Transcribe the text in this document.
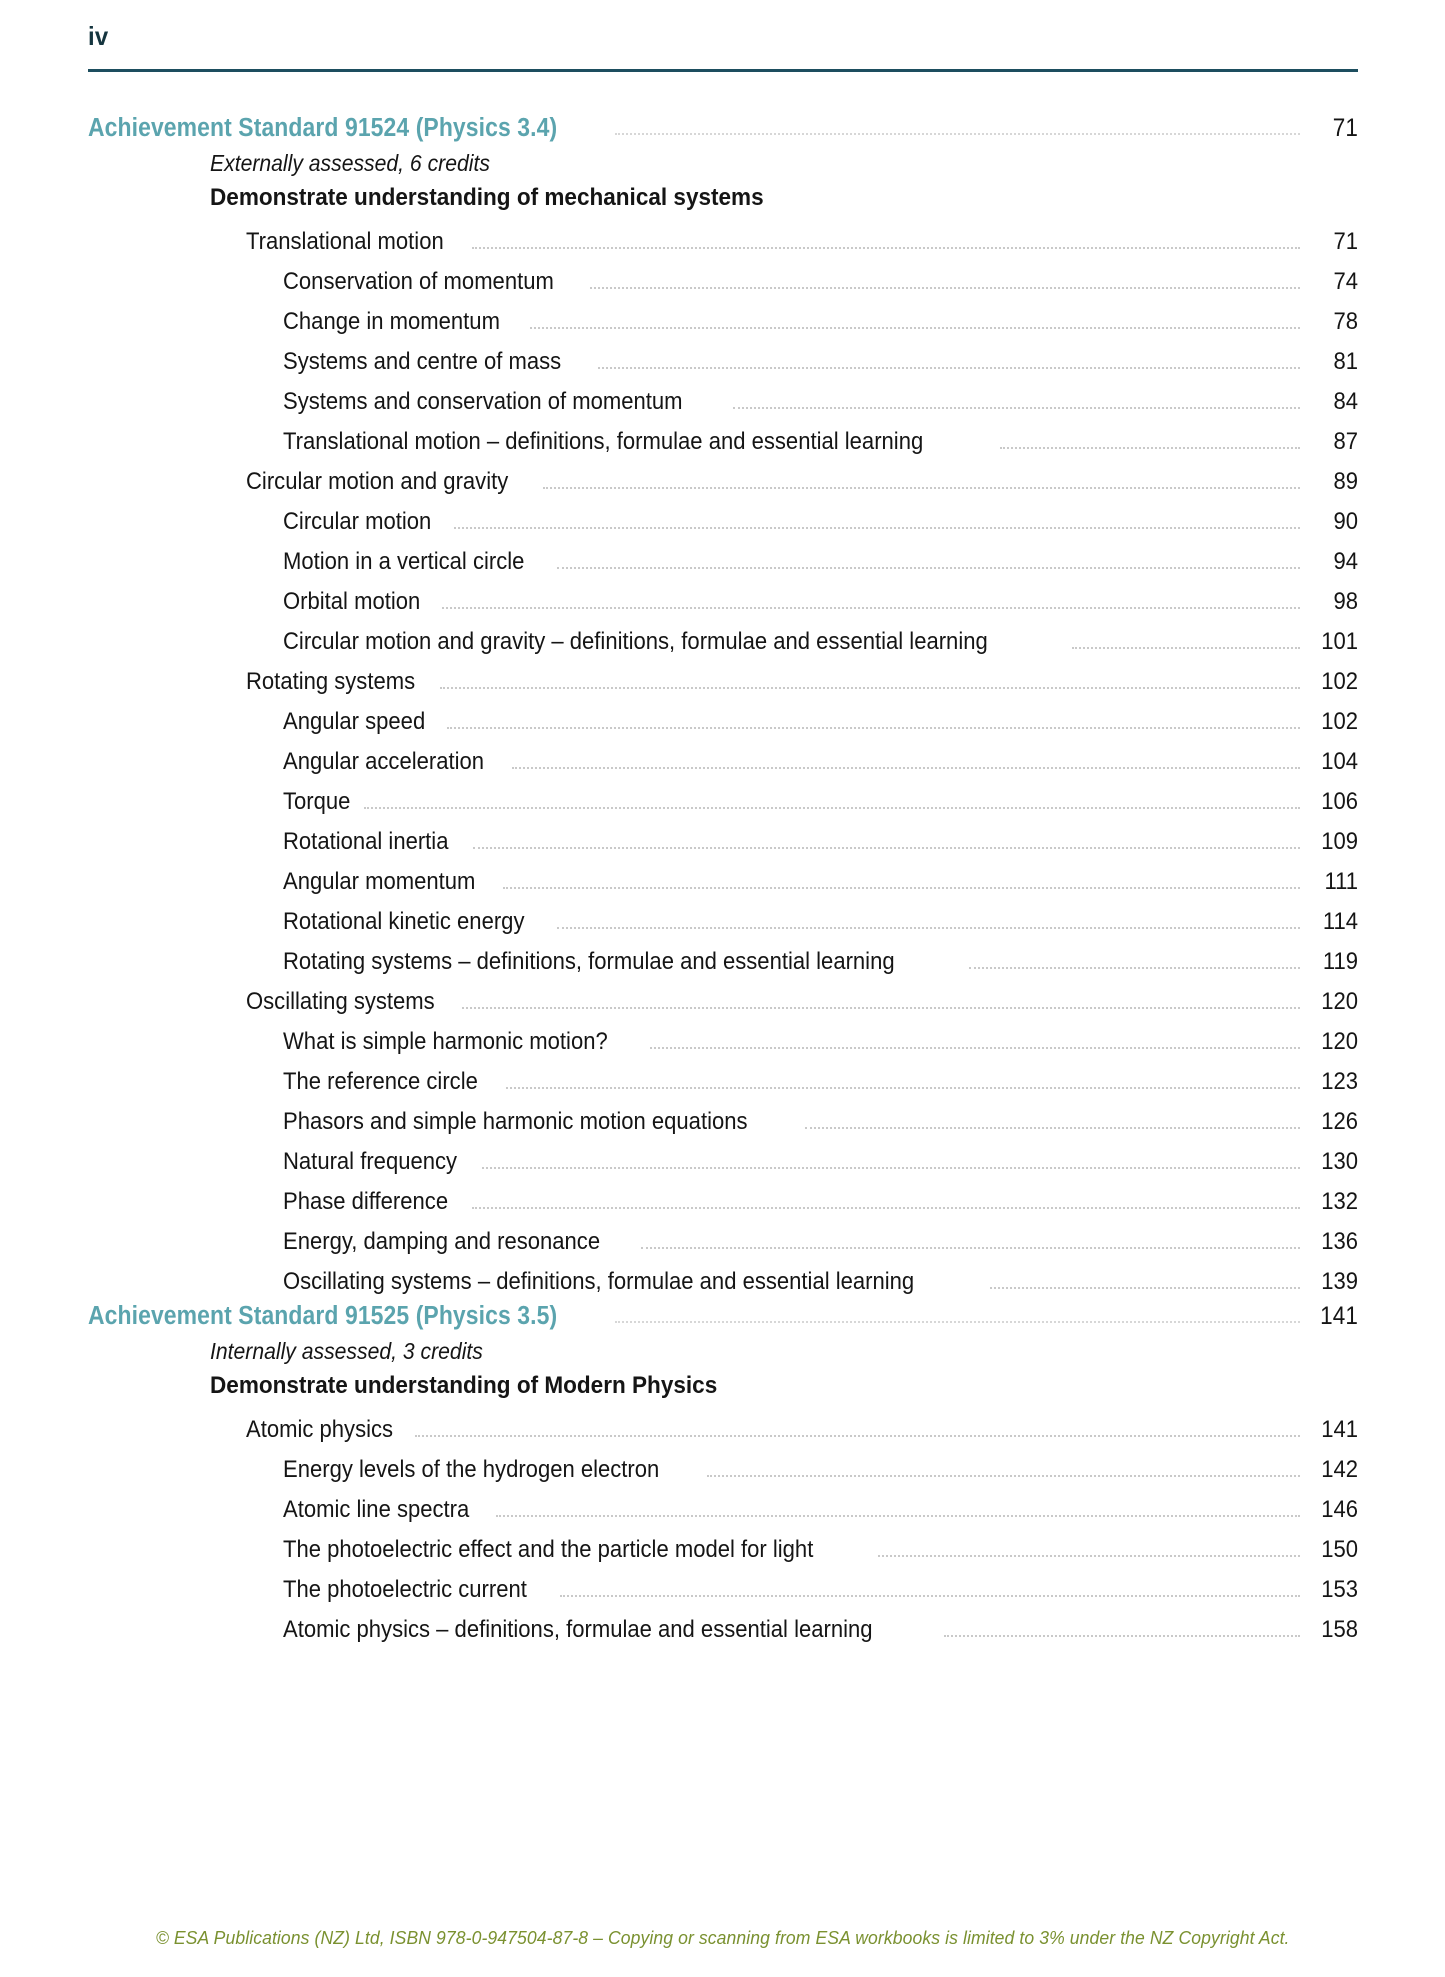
iv
Achievement Standard 91524 (Physics 3.4)	71
Externally assessed, 6 credits
Demonstrate understanding of mechanical systems
Translational motion	71
Conservation of momentum	74
Change in momentum	78
Systems and centre of mass	81
Systems and conservation of momentum	84
Translational motion – definitions, formulae and essential learning	87
Circular motion and gravity	89
Circular motion	90
Motion in a vertical circle	94
Orbital motion	98
Circular motion and gravity – definitions, formulae and essential learning	101
Rotating systems	102
Angular speed	102
Angular acceleration	104
Torque	106
Rotational inertia	109
Angular momentum	111
Rotational kinetic energy	114
Rotating systems – definitions, formulae and essential learning	119
Oscillating systems	120
What is simple harmonic motion?	120
The reference circle	123
Phasors and simple harmonic motion equations	126
Natural frequency	130
Phase difference	132
Energy, damping and resonance	136
Oscillating systems – definitions, formulae and essential learning	139
Achievement Standard 91525 (Physics 3.5)	141
Internally assessed, 3 credits
Demonstrate understanding of Modern Physics
Atomic physics	141
Energy levels of the hydrogen electron	142
Atomic line spectra	146
The photoelectric effect and the particle model for light	150
The photoelectric current	153
Atomic physics – definitions, formulae and essential learning	158
© ESA Publications (NZ) Ltd, ISBN 978-0-947504-87-8 – Copying or scanning from ESA workbooks is limited to 3% under the NZ Copyright Act.
